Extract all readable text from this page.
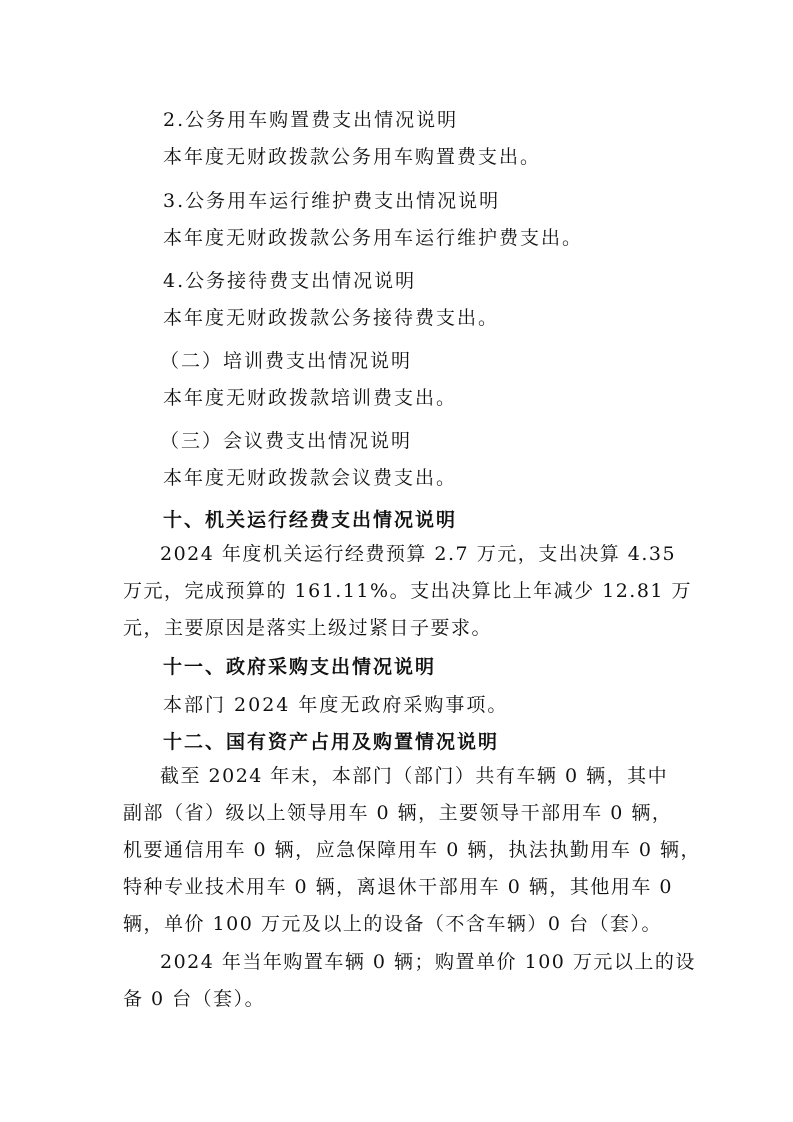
2.公务用车购置费支出情况说明
本年度无财政拨款公务用车购置费支出。
3.公务用车运行维护费支出情况说明
本年度无财政拨款公务用车运行维护费支出。
4.公务接待费支出情况说明
本年度无财政拨款公务接待费支出。
（二）培训费支出情况说明
本年度无财政拨款培训费支出。
（三）会议费支出情况说明
本年度无财政拨款会议费支出。
十、机关运行经费支出情况说明
2024 年度机关运行经费预算 2.7 万元，支出决算 4.35
万元，完成预算的 161.11%。支出决算比上年减少 12.81 万
元，主要原因是落实上级过紧日子要求。
十一、政府采购支出情况说明
本部门 2024 年度无政府采购事项。
十二、国有资产占用及购置情况说明
截至 2024 年末，本部门（部门）共有车辆 0 辆，其中
副部（省）级以上领导用车 0 辆，主要领导干部用车 0 辆，
机要通信用车 0 辆，应急保障用车 0 辆，执法执勤用车 0 辆，
特种专业技术用车 0 辆，离退休干部用车 0 辆，其他用车 0
辆，单价 100 万元及以上的设备（不含车辆）0 台（套）。
2024 年当年购置车辆 0 辆；购置单价 100 万元以上的设
备 0 台（套）。
